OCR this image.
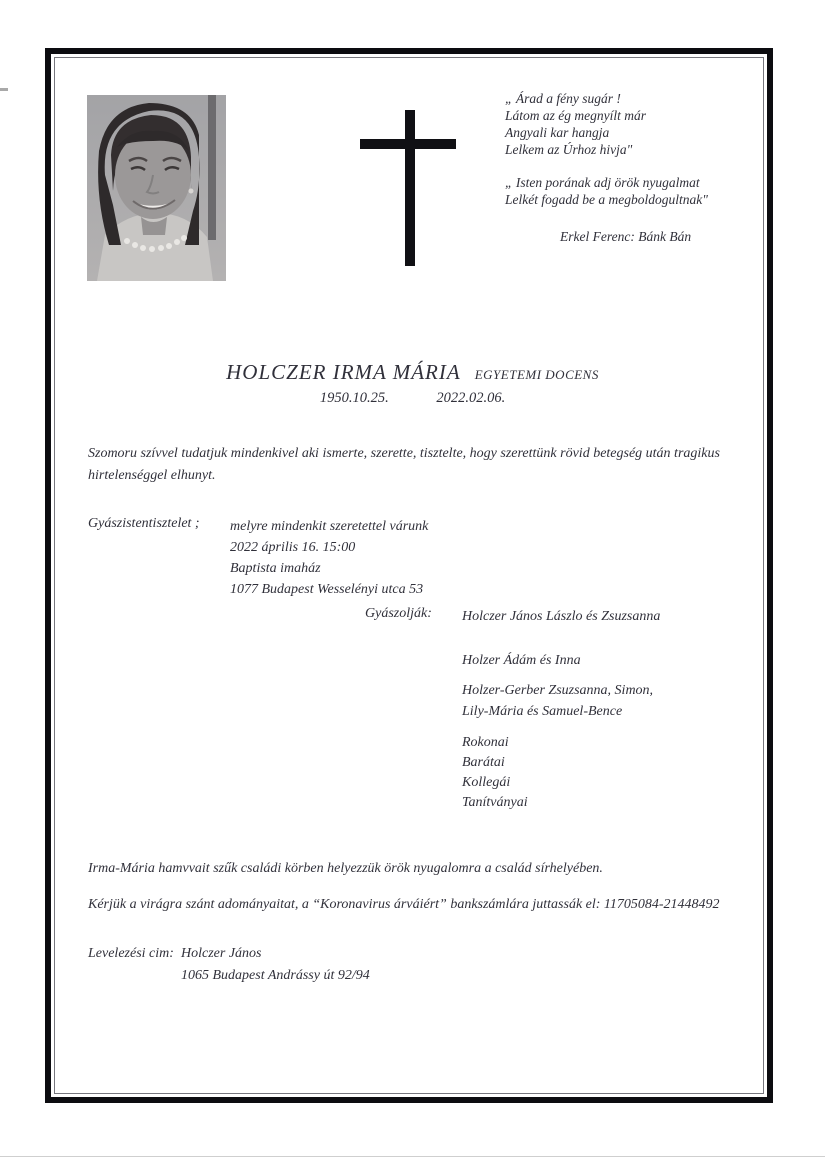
„ Árad a fény sugár !
Látom az ég megnyílt már
Angyali kar hangja
Lelkem az Úrhoz hivja"
„ Isten porának adj örök nyugalmat
Lelkét fogadd be a megboldogultnak"
Erkel Ferenc: Bánk Bán
HOLCZER IRMA MÁRIA EGYETEMI DOCENS
1950.10.25.	2022.02.06.
Szomoru szívvel tudatjuk mindenkivel aki ismerte, szerette, tisztelte, hogy szerettünk rövid betegség után tragikus hirtelenséggel elhunyt.
Gyászistentisztelet ; melyre mindenkit szeretettel várunk
2022 április 16. 15:00
Baptista imaház
1077 Budapest Wesselényi utca 53
Gyászolják: Holczer János Lászlo és Zsuzsanna
Holzer Ádám és Inna
Holzer-Gerber Zsuzsanna, Simon,
Lily-Mária és Samuel-Bence
Rokonai
Barátai
Kollegái
Tanítványai
Irma-Mária hamvvait szűk családi körben helyezzük örök nyugalomra a család sírhelyében.
Kérjük a virágra szánt adományaitat, a “Koronavirus árváiért” bankszámlára juttassák el: 11705084-21448492
Levelezési cim: Holczer János
1065 Budapest Andrássy út 92/94
